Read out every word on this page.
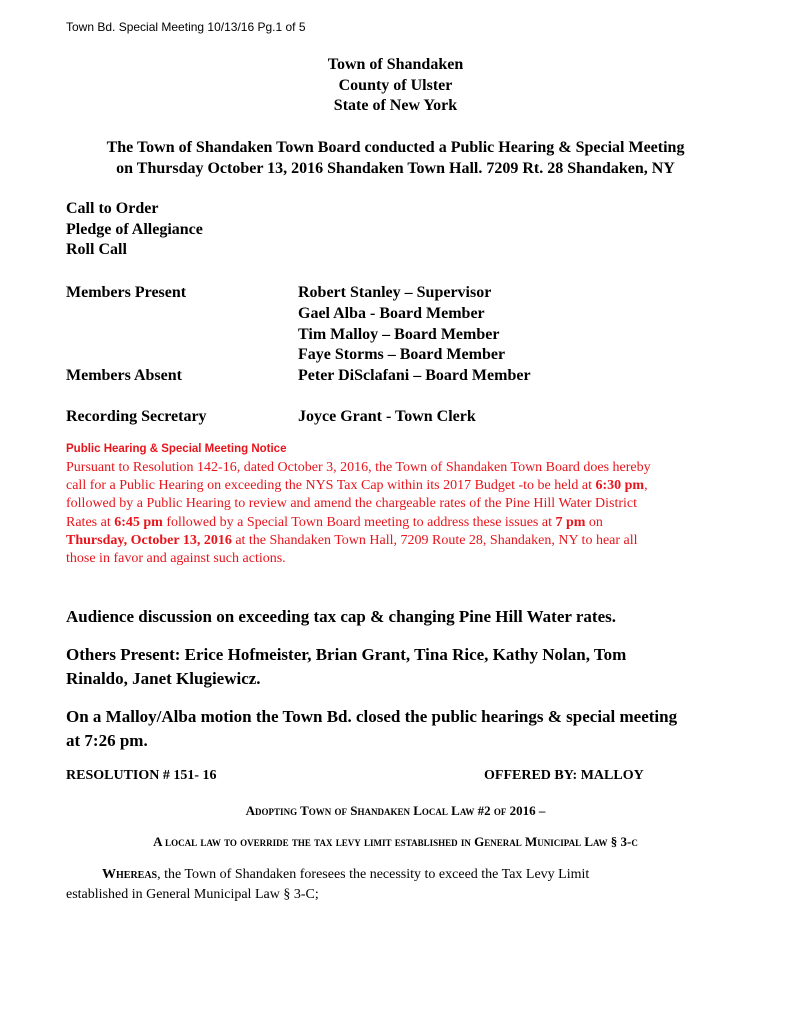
Town Bd. Special Meeting 10/13/16 Pg.1 of 5
Town of Shandaken
County of Ulster
State of New York
The Town of Shandaken Town Board conducted a Public Hearing & Special Meeting
on Thursday October 13, 2016 Shandaken Town Hall. 7209 Rt. 28 Shandaken, NY
Call to Order
Pledge of Allegiance
Roll Call
Members Present	Robert Stanley – Supervisor
Gael Alba - Board Member
Tim Malloy – Board Member
Faye Storms – Board Member
Members Absent	Peter DiSclafani – Board Member
Recording Secretary	Joyce Grant - Town Clerk
Public Hearing & Special Meeting Notice
Pursuant to Resolution 142-16, dated October 3, 2016, the Town of Shandaken Town Board does hereby
call for a Public Hearing on exceeding the NYS Tax Cap within its 2017 Budget -to be held at 6:30 pm,
followed by a Public Hearing to review and amend the chargeable rates of the Pine Hill Water District
Rates at 6:45 pm followed by a Special Town Board meeting to address these issues at 7 pm on
Thursday, October 13, 2016 at the Shandaken Town Hall, 7209 Route 28, Shandaken, NY to hear all
those in favor and against such actions.
Audience discussion on exceeding tax cap & changing Pine Hill Water rates.
Others Present: Erice Hofmeister, Brian Grant, Tina Rice, Kathy Nolan, Tom
Rinaldo, Janet Klugiewicz.
On a Malloy/Alba motion the Town Bd. closed the public hearings & special meeting
at 7:26 pm.
RESOLUTION # 151- 16	OFFERED BY: MALLOY
Adopting Town of Shandaken Local Law #2 of 2016 –
A local law to override the tax levy limit established in General Municipal Law § 3-c
Whereas, the Town of Shandaken foresees the necessity to exceed the Tax Levy Limit
established in General Municipal Law § 3-C;
